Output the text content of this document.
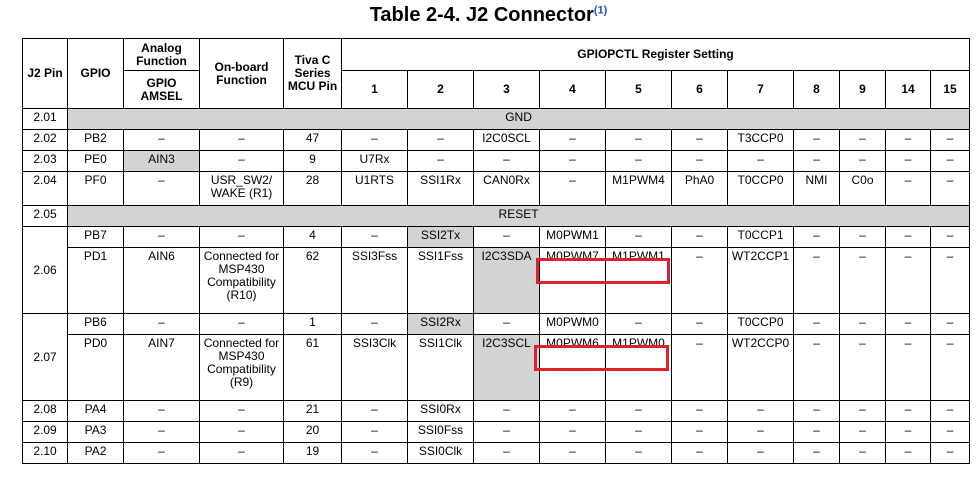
Table 2-4. J2 Connector$^{(1)}$
J2 Pin	GPIO	Analog Function	On-board Function	Tiva C Series MCU Pin	GPIOPCTL Register Setting										
		GPIO AMSEL			1	2	3	4	5	6	7	8	9	14	15
2.01	GND														
2.02	PB2	–	–	47	–	–	I2C0SCL	–	–	–	T3CCP0	–	–	–	–
2.03	PE0	AIN3	–	9	U7Rx	–	–	–	–	–	–	–	–	–	–
2.04	PF0	–	USR_SW2/ WAKE (R1)	28	U1RTS	SSI1Rx	CAN0Rx	–	M1PWM4	PhA0	T0CCP0	NMI	C0o	–	–
2.05	RESET														
2.06	PB7	–	–	4	–	SSI2Tx	–	M0PWM1	–	–	T0CCP1	–	–	–	–
	PD1	AIN6	Connected for MSP430 Compatibility (R10)	62	SSI3Fss	SSI1Fss	I2C3SDA	M0PWM7	M1PWM1	–	WT2CCP1	–	–	–	–
2.07	PB6	–	–	1	–	SSI2Rx	–	M0PWM0	–	–	T0CCP0	–	–	–	–
	PD0	AIN7	Connected for MSP430 Compatibility (R9)	61	SSI3Clk	SSI1Clk	I2C3SCL	M0PWM6	M1PWM0	–	WT2CCP0	–	–	–	–
2.08	PA4	–	–	21	–	SSI0Rx	–	–	–	–	–	–	–	–	–
2.09	PA3	–	–	20	–	SSI0Fss	–	–	–	–	–	–	–	–	–
2.10	PA2	–	–	19	–	SSI0Clk	–	–	–	–	–	–	–	–	–
